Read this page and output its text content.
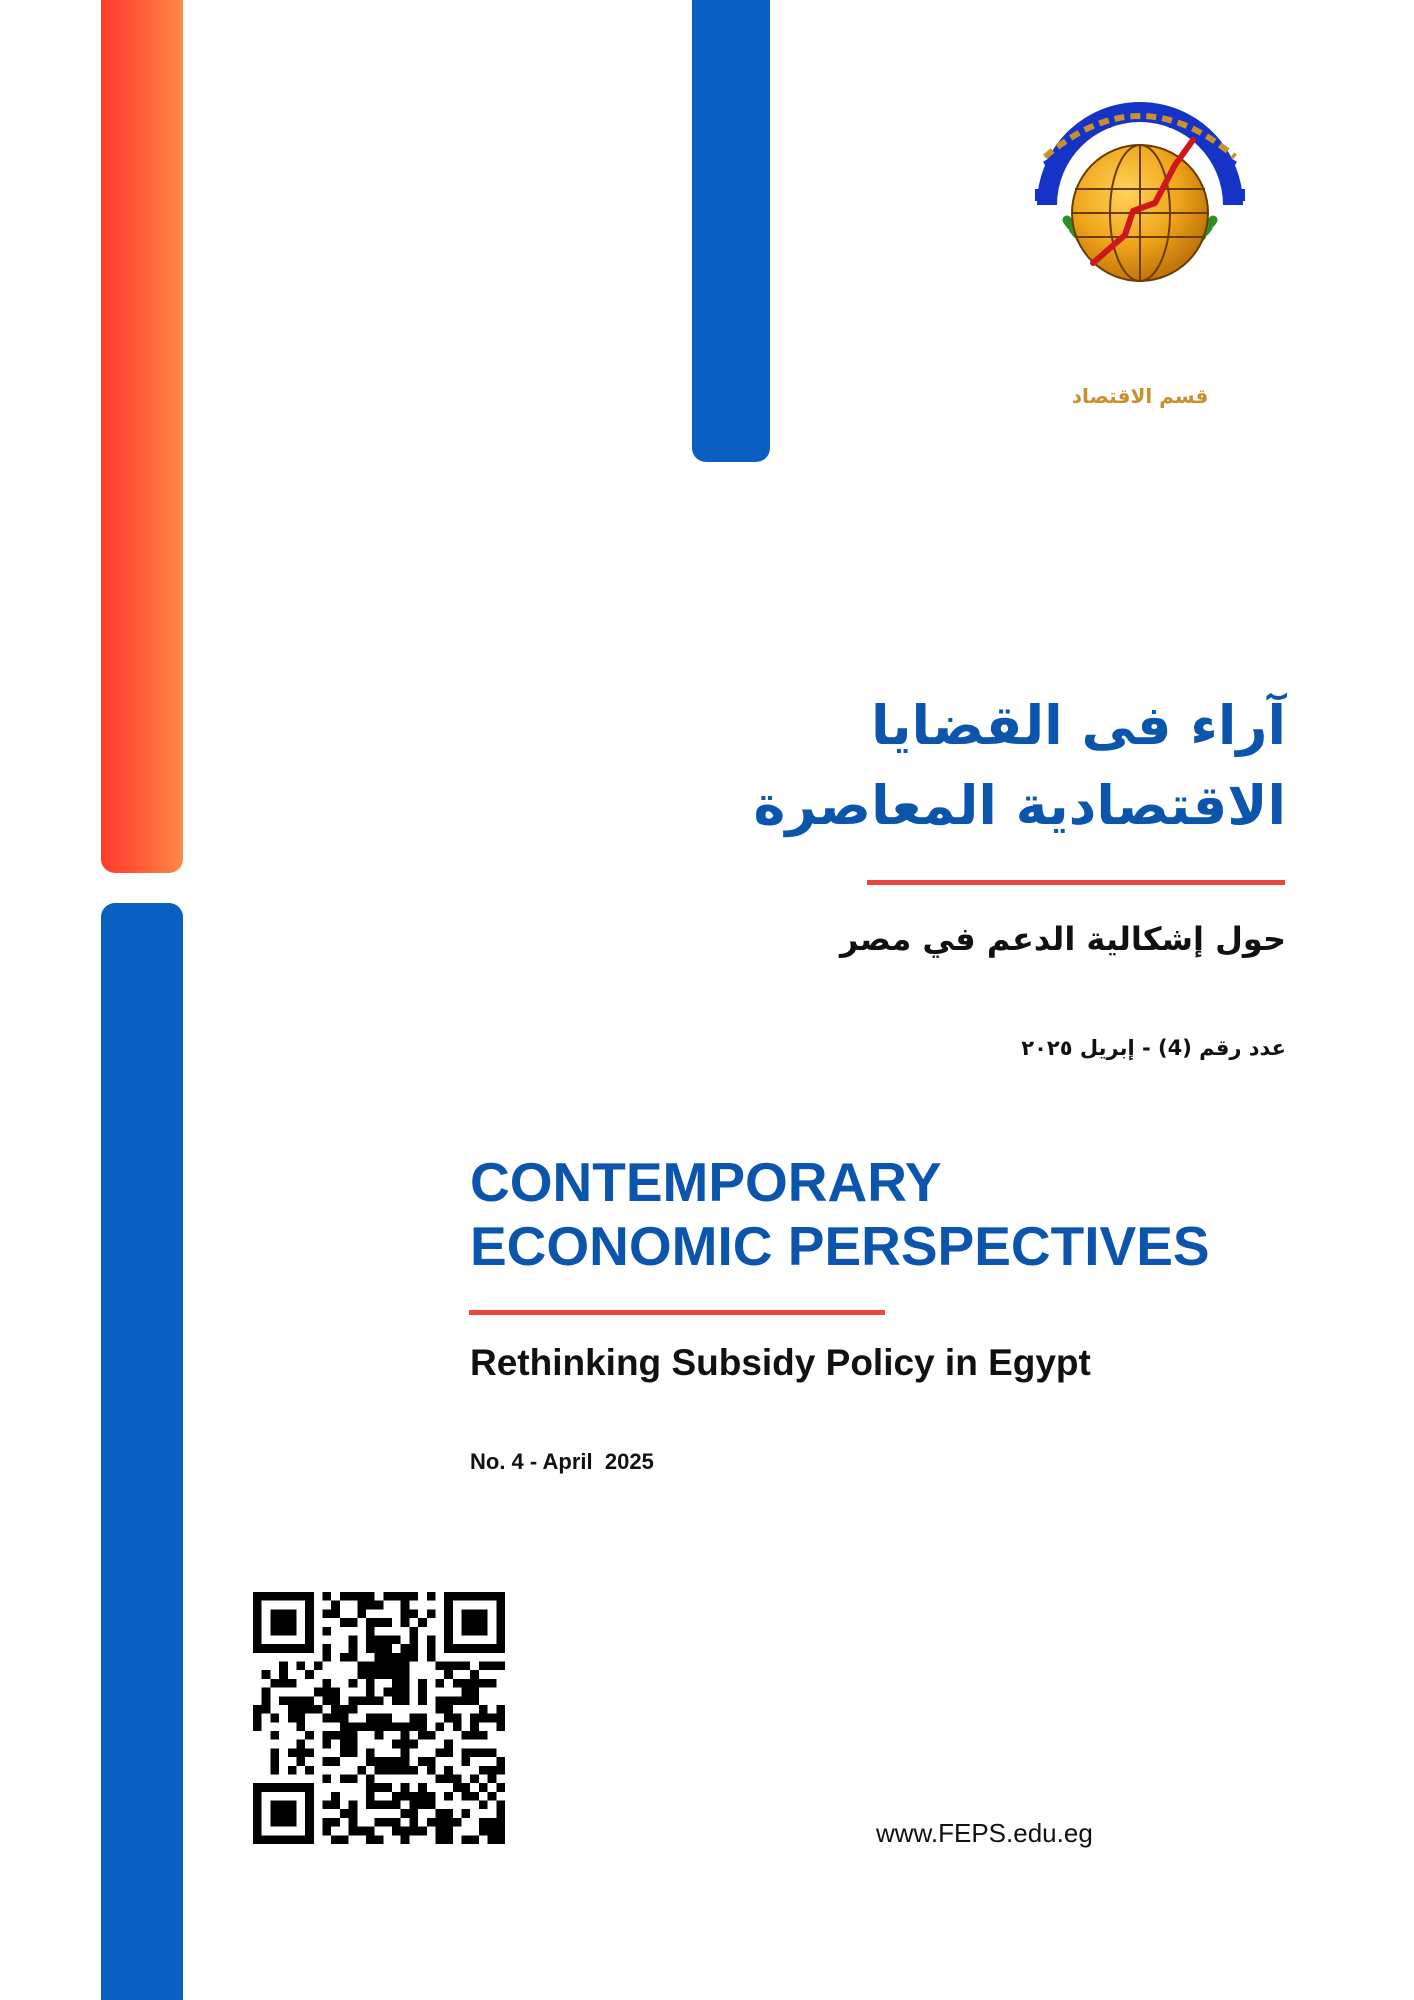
قسم الاقتصاد
آراء فى القضايا
الاقتصادية المعاصرة
حول إشكالية الدعم في مصر
عدد رقم (4) - إبريل ٢٠٢٥
CONTEMPORARY
ECONOMIC PERSPECTIVES
Rethinking Subsidy Policy in Egypt
No. 4 - April  2025
www.FEPS.edu.eg
